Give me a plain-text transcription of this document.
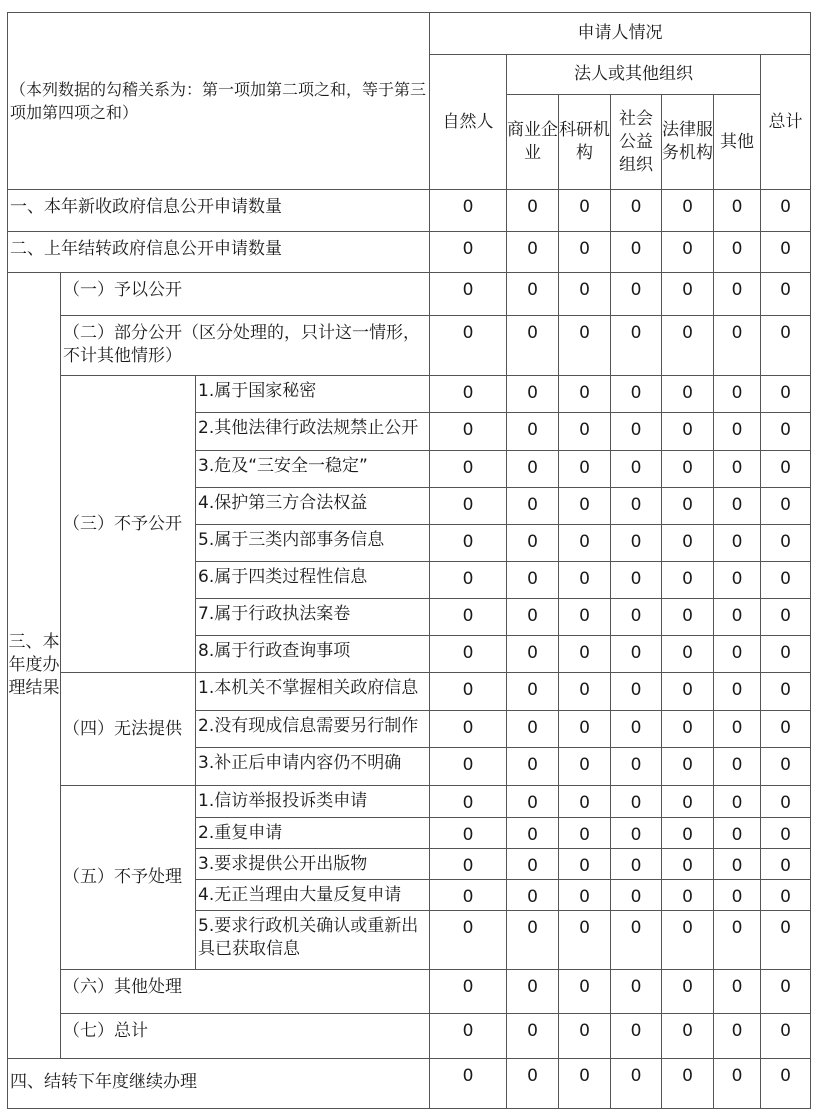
（本列数据的勾稽关系为：第一项加第二项之和，等于第三项加第四项之和）			申请人情况						
			自然人	法人或其他组织					总计
				商业企业	科研机构	社会公益组织	法律服务机构	其他	
一、本年新收政府信息公开申请数量			0	0	0	0	0	0	0
二、上年结转政府信息公开申请数量			0	0	0	0	0	0	0
三、本年度办理结果	（一）予以公开		0	0	0	0	0	0	0
	（二）部分公开（区分处理的，只计这一情形，不计其他情形）		0	0	0	0	0	0	0
	（三）不予公开	1.属于国家秘密	0	0	0	0	0	0	0
		2.其他法律行政法规禁止公开	0	0	0	0	0	0	0
		3.危及“三安全一稳定”	0	0	0	0	0	0	0
		4.保护第三方合法权益	0	0	0	0	0	0	0
		5.属于三类内部事务信息	0	0	0	0	0	0	0
		6.属于四类过程性信息	0	0	0	0	0	0	0
		7.属于行政执法案卷	0	0	0	0	0	0	0
		8.属于行政查询事项	0	0	0	0	0	0	0
	（四）无法提供	1.本机关不掌握相关政府信息	0	0	0	0	0	0	0
		2.没有现成信息需要另行制作	0	0	0	0	0	0	0
		3.补正后申请内容仍不明确	0	0	0	0	0	0	0
	（五）不予处理	1.信访举报投诉类申请	0	0	0	0	0	0	0
		2.重复申请	0	0	0	0	0	0	0
		3.要求提供公开出版物	0	0	0	0	0	0	0
		4.无正当理由大量反复申请	0	0	0	0	0	0	0
		5.要求行政机关确认或重新出具已获取信息	0	0	0	0	0	0	0
	（六）其他处理		0	0	0	0	0	0	0
	（七）总计		0	0	0	0	0	0	0
四、结转下年度继续办理			0	0	0	0	0	0	0
